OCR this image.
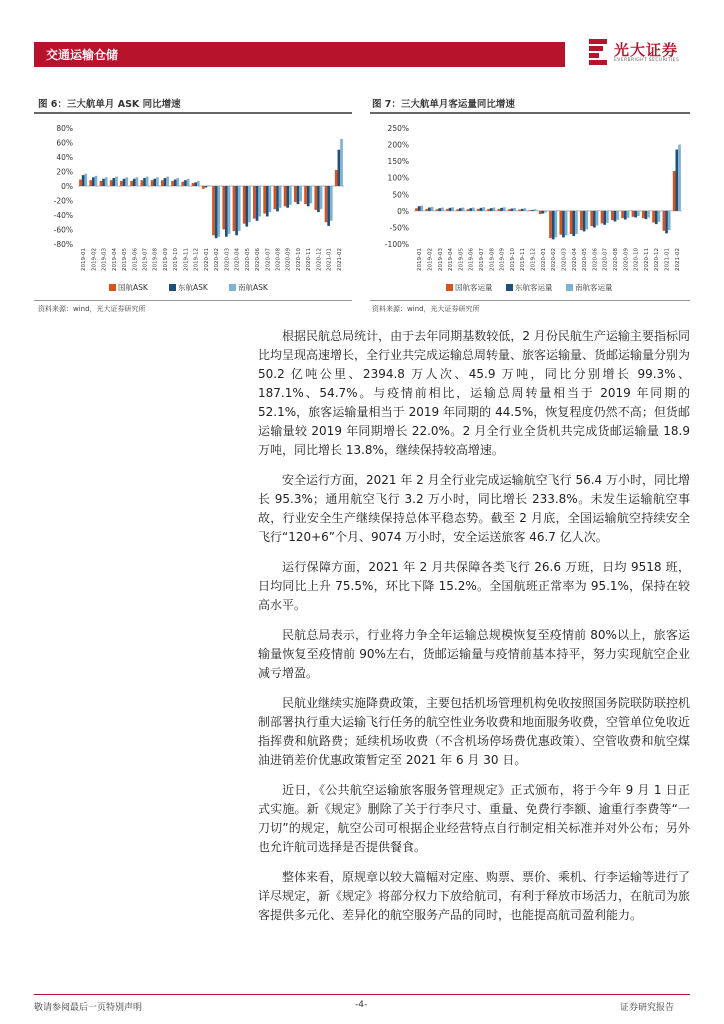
交通运输仓储	光大证券
EVERBRIGHT SECURITIES
图 6：三大航单月 ASK 同比增速	图 7：三大航单月客运量同比增速
80%
60%
40%
20%
0%
-20%
-40%
-60%
-80%
2019-01 2019-02 2019-03 2019-04 2019-05 2019-06 2019-07 2019-08 2019-09 2019-10 2019-11 2019-12 2020-01 2020-02 2020-03 2020-04 2020-05 2020-06 2020-07 2020-08 2020-09 2020-10 2020-11 2020-12 2021-01 2021-02
国航ASK	东航ASK	南航ASK
250%
200%
150%
100%
50%
0%
-50%
-100%
2019-01 2019-02 2019-03 2019-04 2019-05 2019-06 2019-07 2019-08 2019-09 2019-10 2019-11 2019-12 2020-01 2020-02 2020-03 2020-04 2020-05 2020-06 2020-07 2020-08 2020-09 2020-10 2020-11 2020-12 2021-01 2021-02
国航客运量	东航客运量	南航客运量
资料来源：wind，光大证券研究所	资料来源：wind，光大证券研究所

根据民航总局统计，由于去年同期基数较低，2 月份民航生产运输主要指标同比均呈现高速增长，全行业共完成运输总周转量、旅客运输量、货邮运输量分别为 50.2 亿吨公里、2394.8 万人次、45.9 万吨，同比分别增长 99.3%、187.1%、54.7%。与疫情前相比，运输总周转量相当于 2019 年同期的 52.1%，旅客运输量相当于 2019 年同期的 44.5%，恢复程度仍然不高；但货邮运输量较 2019 年同期增长 22.0%。2 月全行业全货机共完成货邮运输量 18.9 万吨，同比增长 13.8%，继续保持较高增速。

安全运行方面，2021 年 2 月全行业完成运输航空飞行 56.4 万小时，同比增长 95.3%；通用航空飞行 3.2 万小时，同比增长 233.8%。未发生运输航空事故，行业安全生产继续保持总体平稳态势。截至 2 月底，全国运输航空持续安全飞行“120+6”个月、9074 万小时，安全运送旅客 46.7 亿人次。

运行保障方面，2021 年 2 月共保障各类飞行 26.6 万班，日均 9518 班，日均同比上升 75.5%，环比下降 15.2%。全国航班正常率为 95.1%，保持在较高水平。

民航总局表示，行业将力争全年运输总规模恢复至疫情前 80%以上，旅客运输量恢复至疫情前 90%左右，货邮运输量与疫情前基本持平，努力实现航空企业减亏增盈。

民航业继续实施降费政策，主要包括机场管理机构免收按照国务院联防联控机制部署执行重大运输飞行任务的航空性业务收费和地面服务收费，空管单位免收近指挥费和航路费；延续机场收费（不含机场停场费优惠政策）、空管收费和航空煤油进销差价优惠政策暂定至 2021 年 6 月 30 日。

近日，《公共航空运输旅客服务管理规定》正式颁布，将于今年 9 月 1 日正式实施。新《规定》删除了关于行李尺寸、重量、免费行李额、逾重行李费等“一刀切”的规定，航空公司可根据企业经营特点自行制定相关标准并对外公布；另外也允许航司选择是否提供餐食。

整体来看，原规章以较大篇幅对定座、购票、票价、乘机、行李运输等进行了详尽规定，新《规定》将部分权力下放给航司，有利于释放市场活力，在航司为旅客提供多元化、差异化的航空服务产品的同时，也能提高航司盈利能力。

敬请参阅最后一页特别声明	-4-	证券研究报告
